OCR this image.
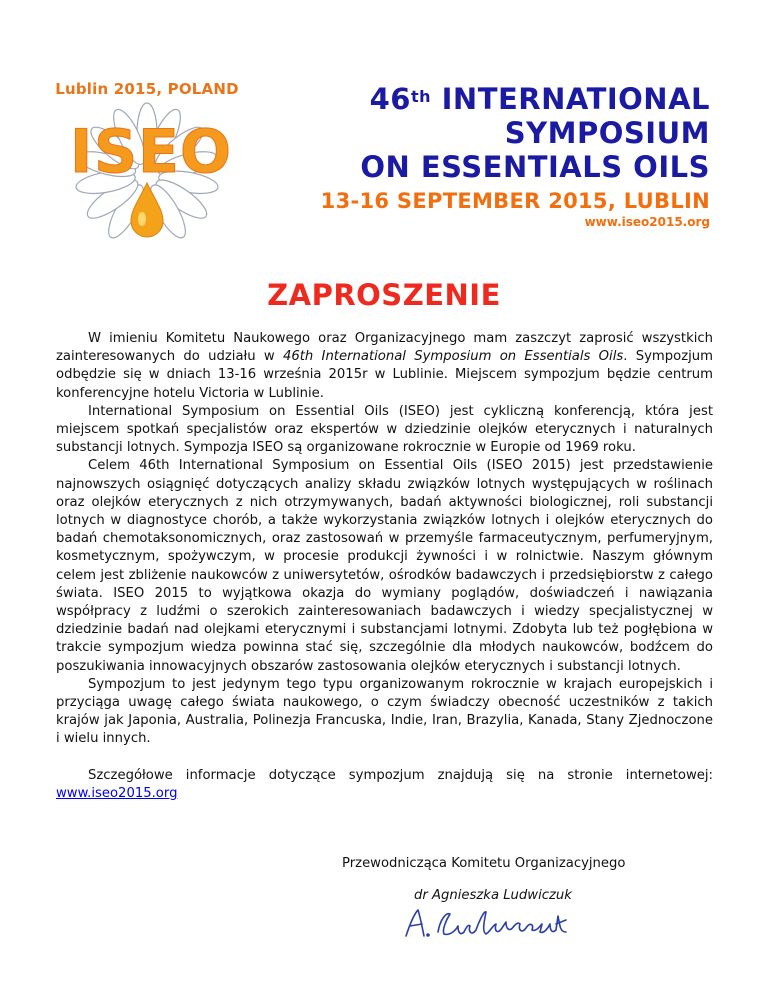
Lublin 2015, POLAND
I S E O
46th INTERNATIONAL
SYMPOSIUM
ON ESSENTIALS OILS
13-16 SEPTEMBER 2015, LUBLIN
www.iseo2015.org
ZAPROSZENIE

W imieniu Komitetu Naukowego oraz Organizacyjnego mam zaszczyt zaprosić wszystkich zainteresowanych do udziału w 46th International Symposium on Essentials Oils. Sympozjum odbędzie się w dniach 13-16 września 2015r w Lublinie. Miejscem sympozjum będzie centrum konferencyjne hotelu Victoria w Lublinie.

International Symposium on Essential Oils (ISEO) jest cykliczną konferencją, która jest miejscem spotkań specjalistów oraz ekspertów w dziedzinie olejków eterycznych i naturalnych substancji lotnych. Sympozja ISEO są organizowane rokrocznie w Europie od 1969 roku.

Celem 46th International Symposium on Essential Oils (ISEO 2015) jest przedstawienie najnowszych osiągnięć dotyczących analizy składu związków lotnych występujących w roślinach oraz olejków eterycznych z nich otrzymywanych, badań aktywności biologicznej, roli substancji lotnych w diagnostyce chorób, a także wykorzystania związków lotnych i olejków eterycznych do badań chemotaksonomicznych, oraz zastosowań w przemyśle farmaceutycznym, perfumeryjnym, kosmetycznym, spożywczym, w procesie produkcji żywności i w rolnictwie. Naszym głównym celem jest zbliżenie naukowców z uniwersytetów, ośrodków badawczych i przedsiębiorstw z całego świata. ISEO 2015 to wyjątkowa okazja do wymiany poglądów, doświadczeń i nawiązania współpracy z ludźmi o szerokich zainteresowaniach badawczych i wiedzy specjalistycznej w dziedzinie badań nad olejkami eterycznymi i substancjami lotnymi. Zdobyta lub też pogłębiona w trakcie sympozjum wiedza powinna stać się, szczególnie dla młodych naukowców, bodźcem do poszukiwania innowacyjnych obszarów zastosowania olejków eterycznych i substancji lotnych.

Sympozjum to jest jedynym tego typu organizowanym rokrocznie w krajach europejskich i przyciąga uwagę całego świata naukowego, o czym świadczy obecność uczestników z takich krajów jak Japonia, Australia, Polinezja Francuska, Indie, Iran, Brazylia, Kanada, Stany Zjednoczone i wielu innych.

Szczegółowe informacje dotyczące sympozjum znajdują się na stronie internetowej: www.iseo2015.org

Przewodnicząca Komitetu Organizacyjnego
dr Agnieszka Ludwiczuk
